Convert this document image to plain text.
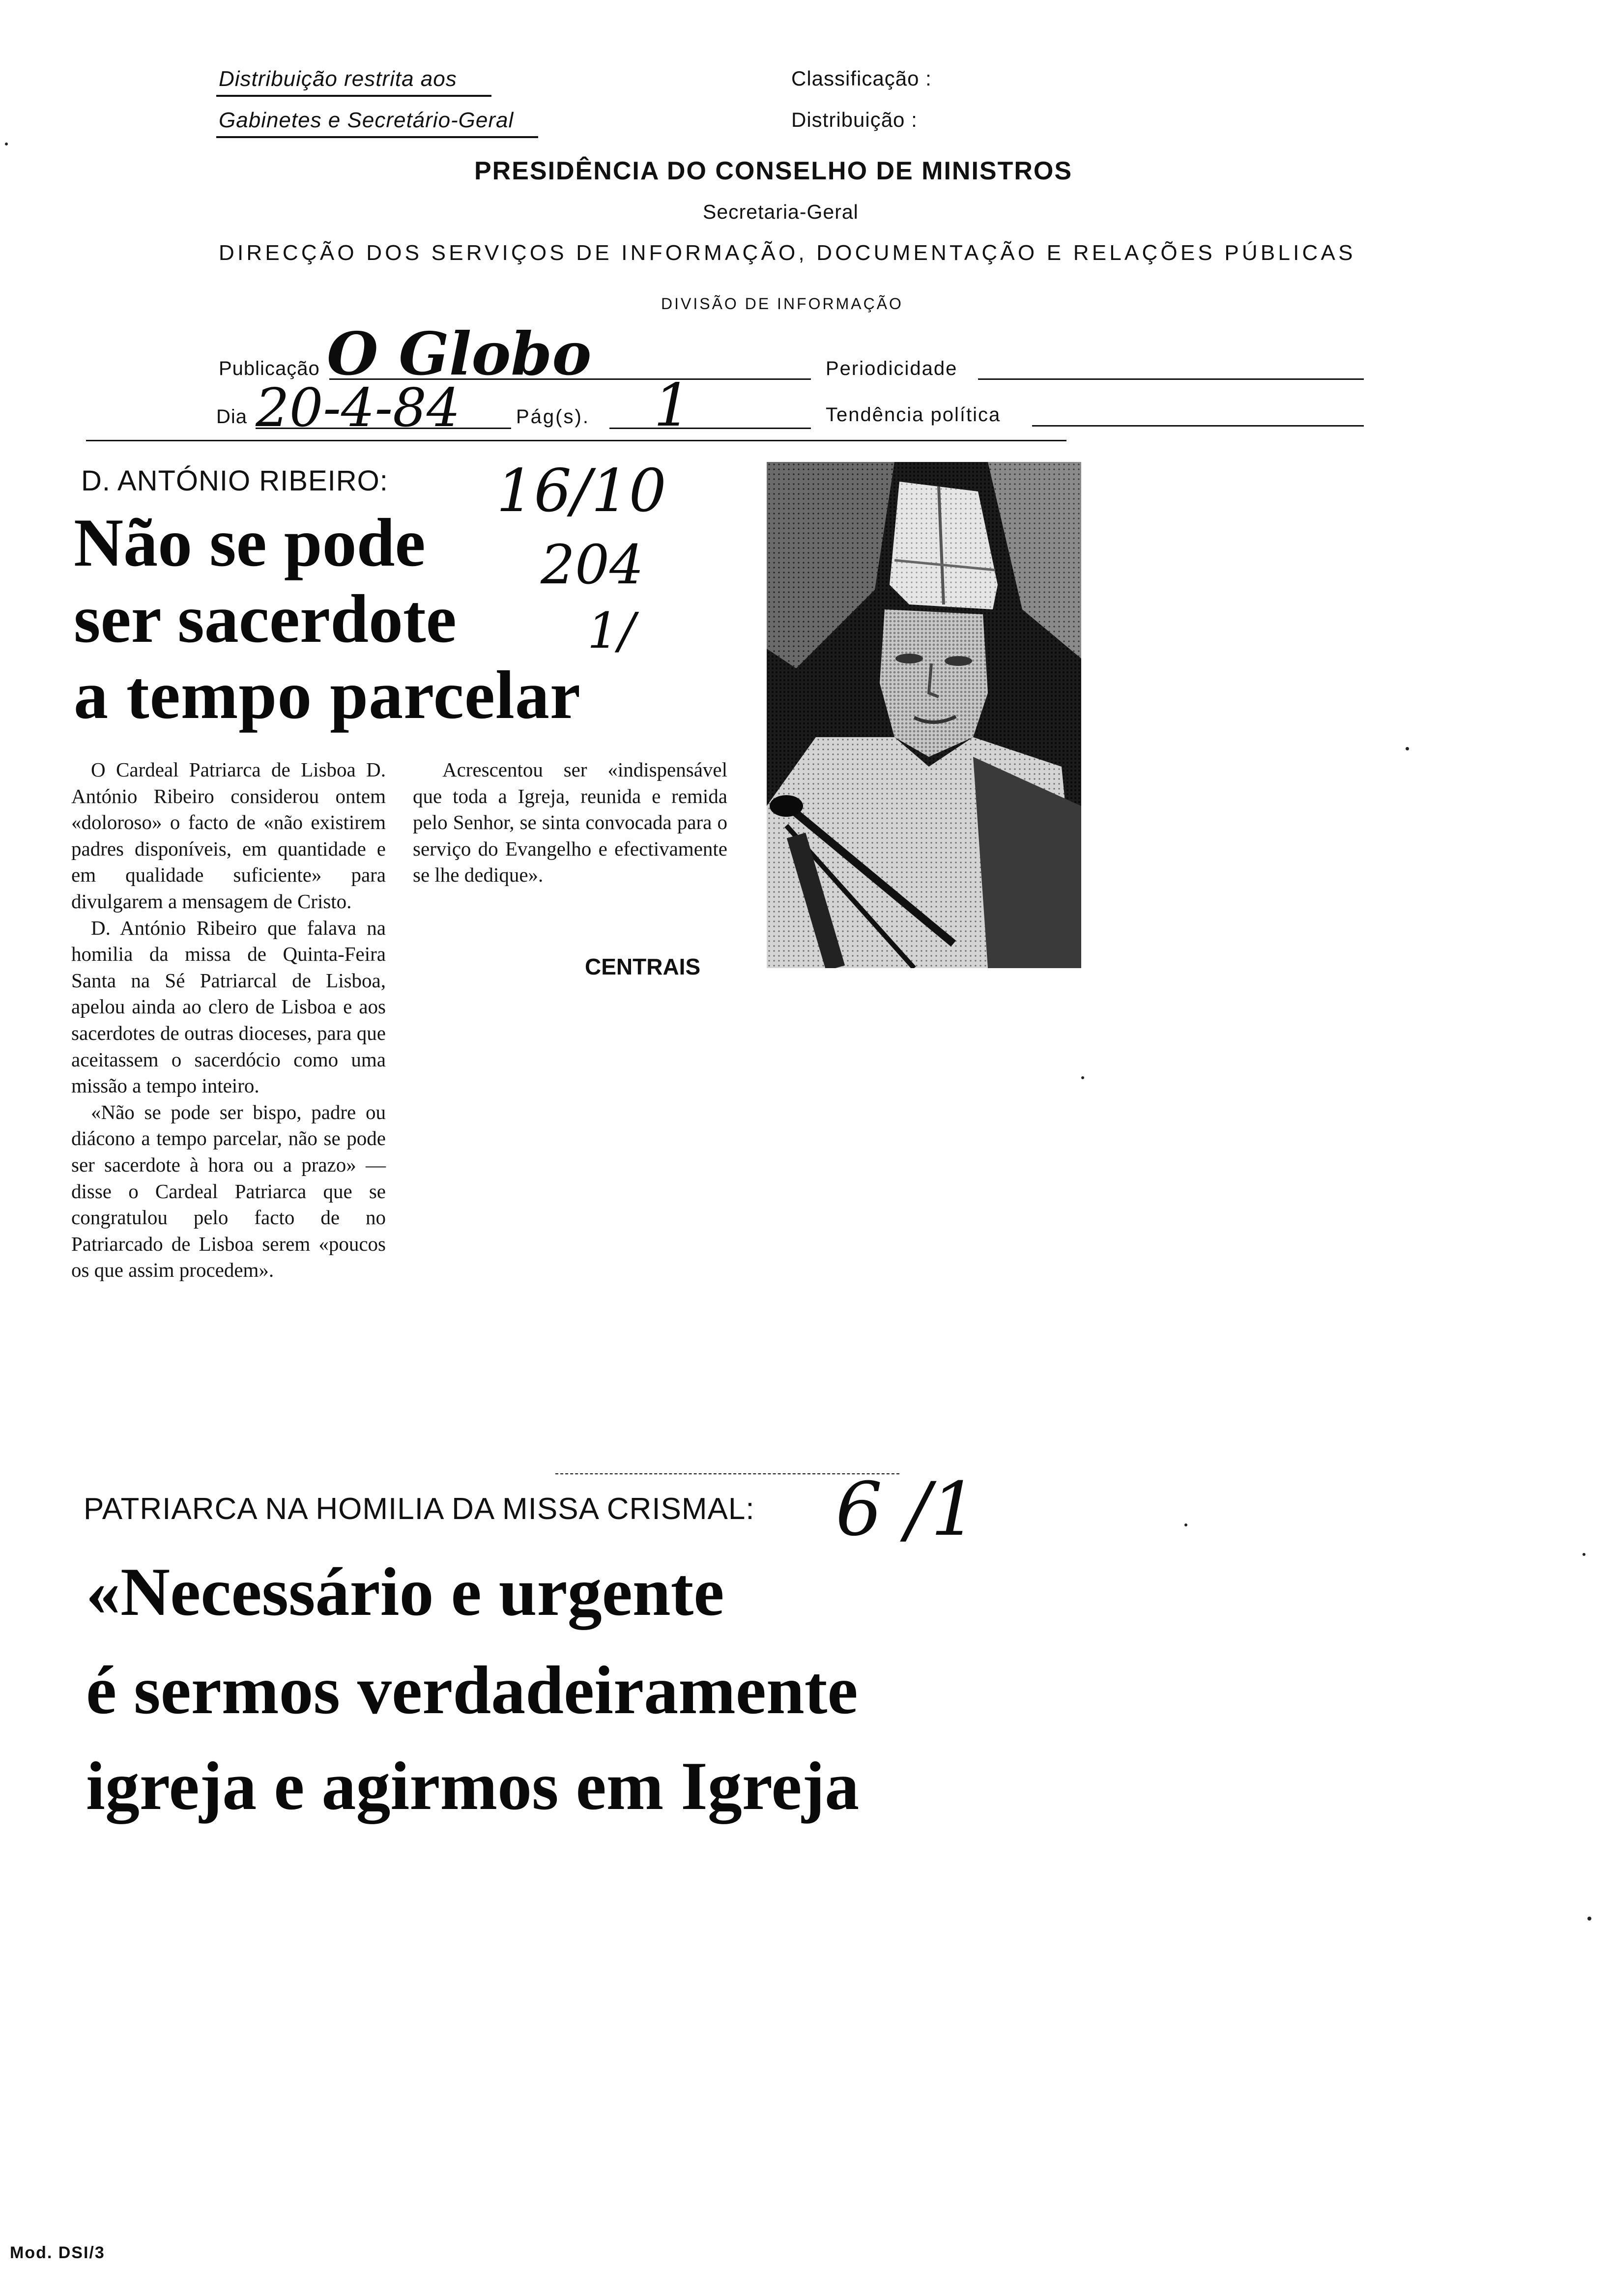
Distribuição restrita aos
Gabinetes e Secretário-Geral
Classificação :
Distribuição :
PRESIDÊNCIA DO CONSELHO DE MINISTROS
Secretaria-Geral
DIRECÇÃO DOS SERVIÇOS DE INFORMAÇÃO, DOCUMENTAÇÃO E RELAÇÕES PÚBLICAS
DIVISÃO DE INFORMAÇÃO
Publicação O Globo	Periodicidade
Dia 20-4-84	Pág(s). 1	Tendência política
D. ANTÓNIO RIBEIRO:
Não se pode
ser sacerdote
a tempo parcelar
16/10
204
1/

O Cardeal Patriarca de Lisboa D. António Ribeiro considerou ontem «doloroso» o facto de «não existirem padres disponíveis, em quantidade e em qualidade suficiente» para divulgarem a mensagem de Cristo.

D. António Ribeiro que falava na homilia da missa de Quinta-Feira Santa na Sé Patriarcal de Lisboa, apelou ainda ao clero de Lisboa e aos sacerdotes de outras dioceses, para que aceitassem o sacerdócio como uma missão a tempo inteiro.

«Não se pode ser bispo, padre ou diácono a tempo parcelar, não se pode ser sacerdote à hora ou a prazo» — disse o Cardeal Patriarca que se congratulou pelo facto de no Patriarcado de Lisboa serem «poucos os que assim procedem».

Acrescentou ser «indispensável que toda a Igreja, reunida e remida pelo Senhor, se sinta convocada para o serviço do Evangelho e efectivamente se lhe dedique».

CENTRAIS
PATRIARCA NA HOMILIA DA MISSA CRISMAL: 6 /1
«Necessário e urgente
é sermos verdadeiramente
igreja e agirmos em Igreja
Mod. DSI/3
